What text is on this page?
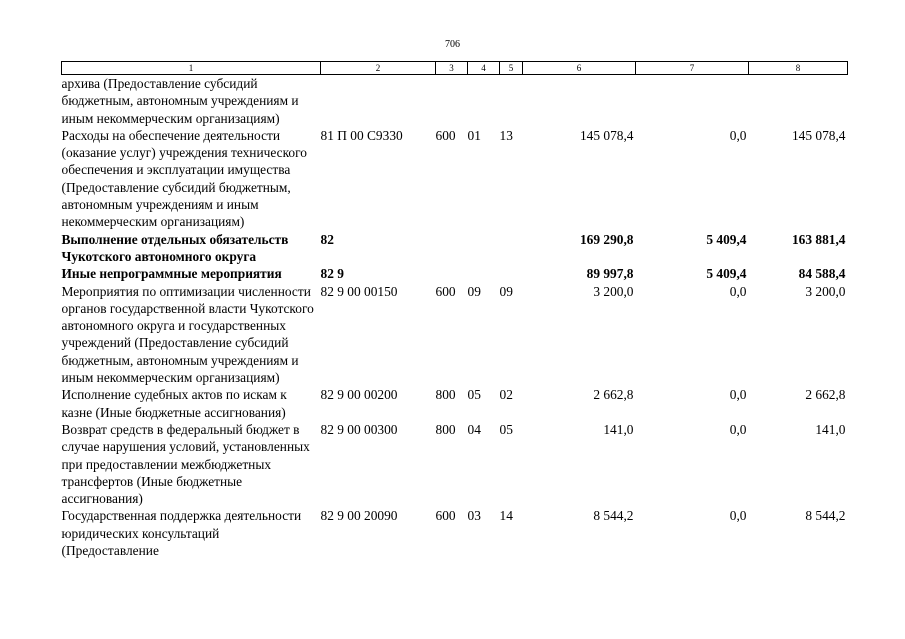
706
1	2	3	4	5	6	7	8
архива (Предоставление субсидий бюджетным, автономным учреждениям и иным некоммерческим организациям)							
Расходы на обеспечение деятельности (оказание услуг) учреждения технического обеспечения и эксплуатации имущества (Предоставление субсидий бюджетным, автономным учреждениям и иным некоммерческим организациям)	81 П 00 С9330	600	01	13	145 078,4	0,0	145 078,4
Выполнение отдельных обязательств Чукотского автономного округа	82				169 290,8	5 409,4	163 881,4
Иные непрограммные мероприятия	82 9				89 997,8	5 409,4	84 588,4
Мероприятия по оптимизации численности органов государственной власти Чукотского автономного округа и государственных учреждений (Предоставление субсидий бюджетным, автономным учреждениям и иным некоммерческим организациям)	82 9 00 00150	600	09	09	3 200,0	0,0	3 200,0
Исполнение судебных актов по искам к казне (Иные бюджетные ассигнования)	82 9 00 00200	800	05	02	2 662,8	0,0	2 662,8
Возврат средств в федеральный бюджет в случае нарушения условий, установленных при предоставлении межбюджетных трансфертов (Иные бюджетные ассигнования)	82 9 00 00300	800	04	05	141,0	0,0	141,0
Государственная поддержка деятельности юридических консультаций (Предоставление	82 9 00 20090	600	03	14	8 544,2	0,0	8 544,2
